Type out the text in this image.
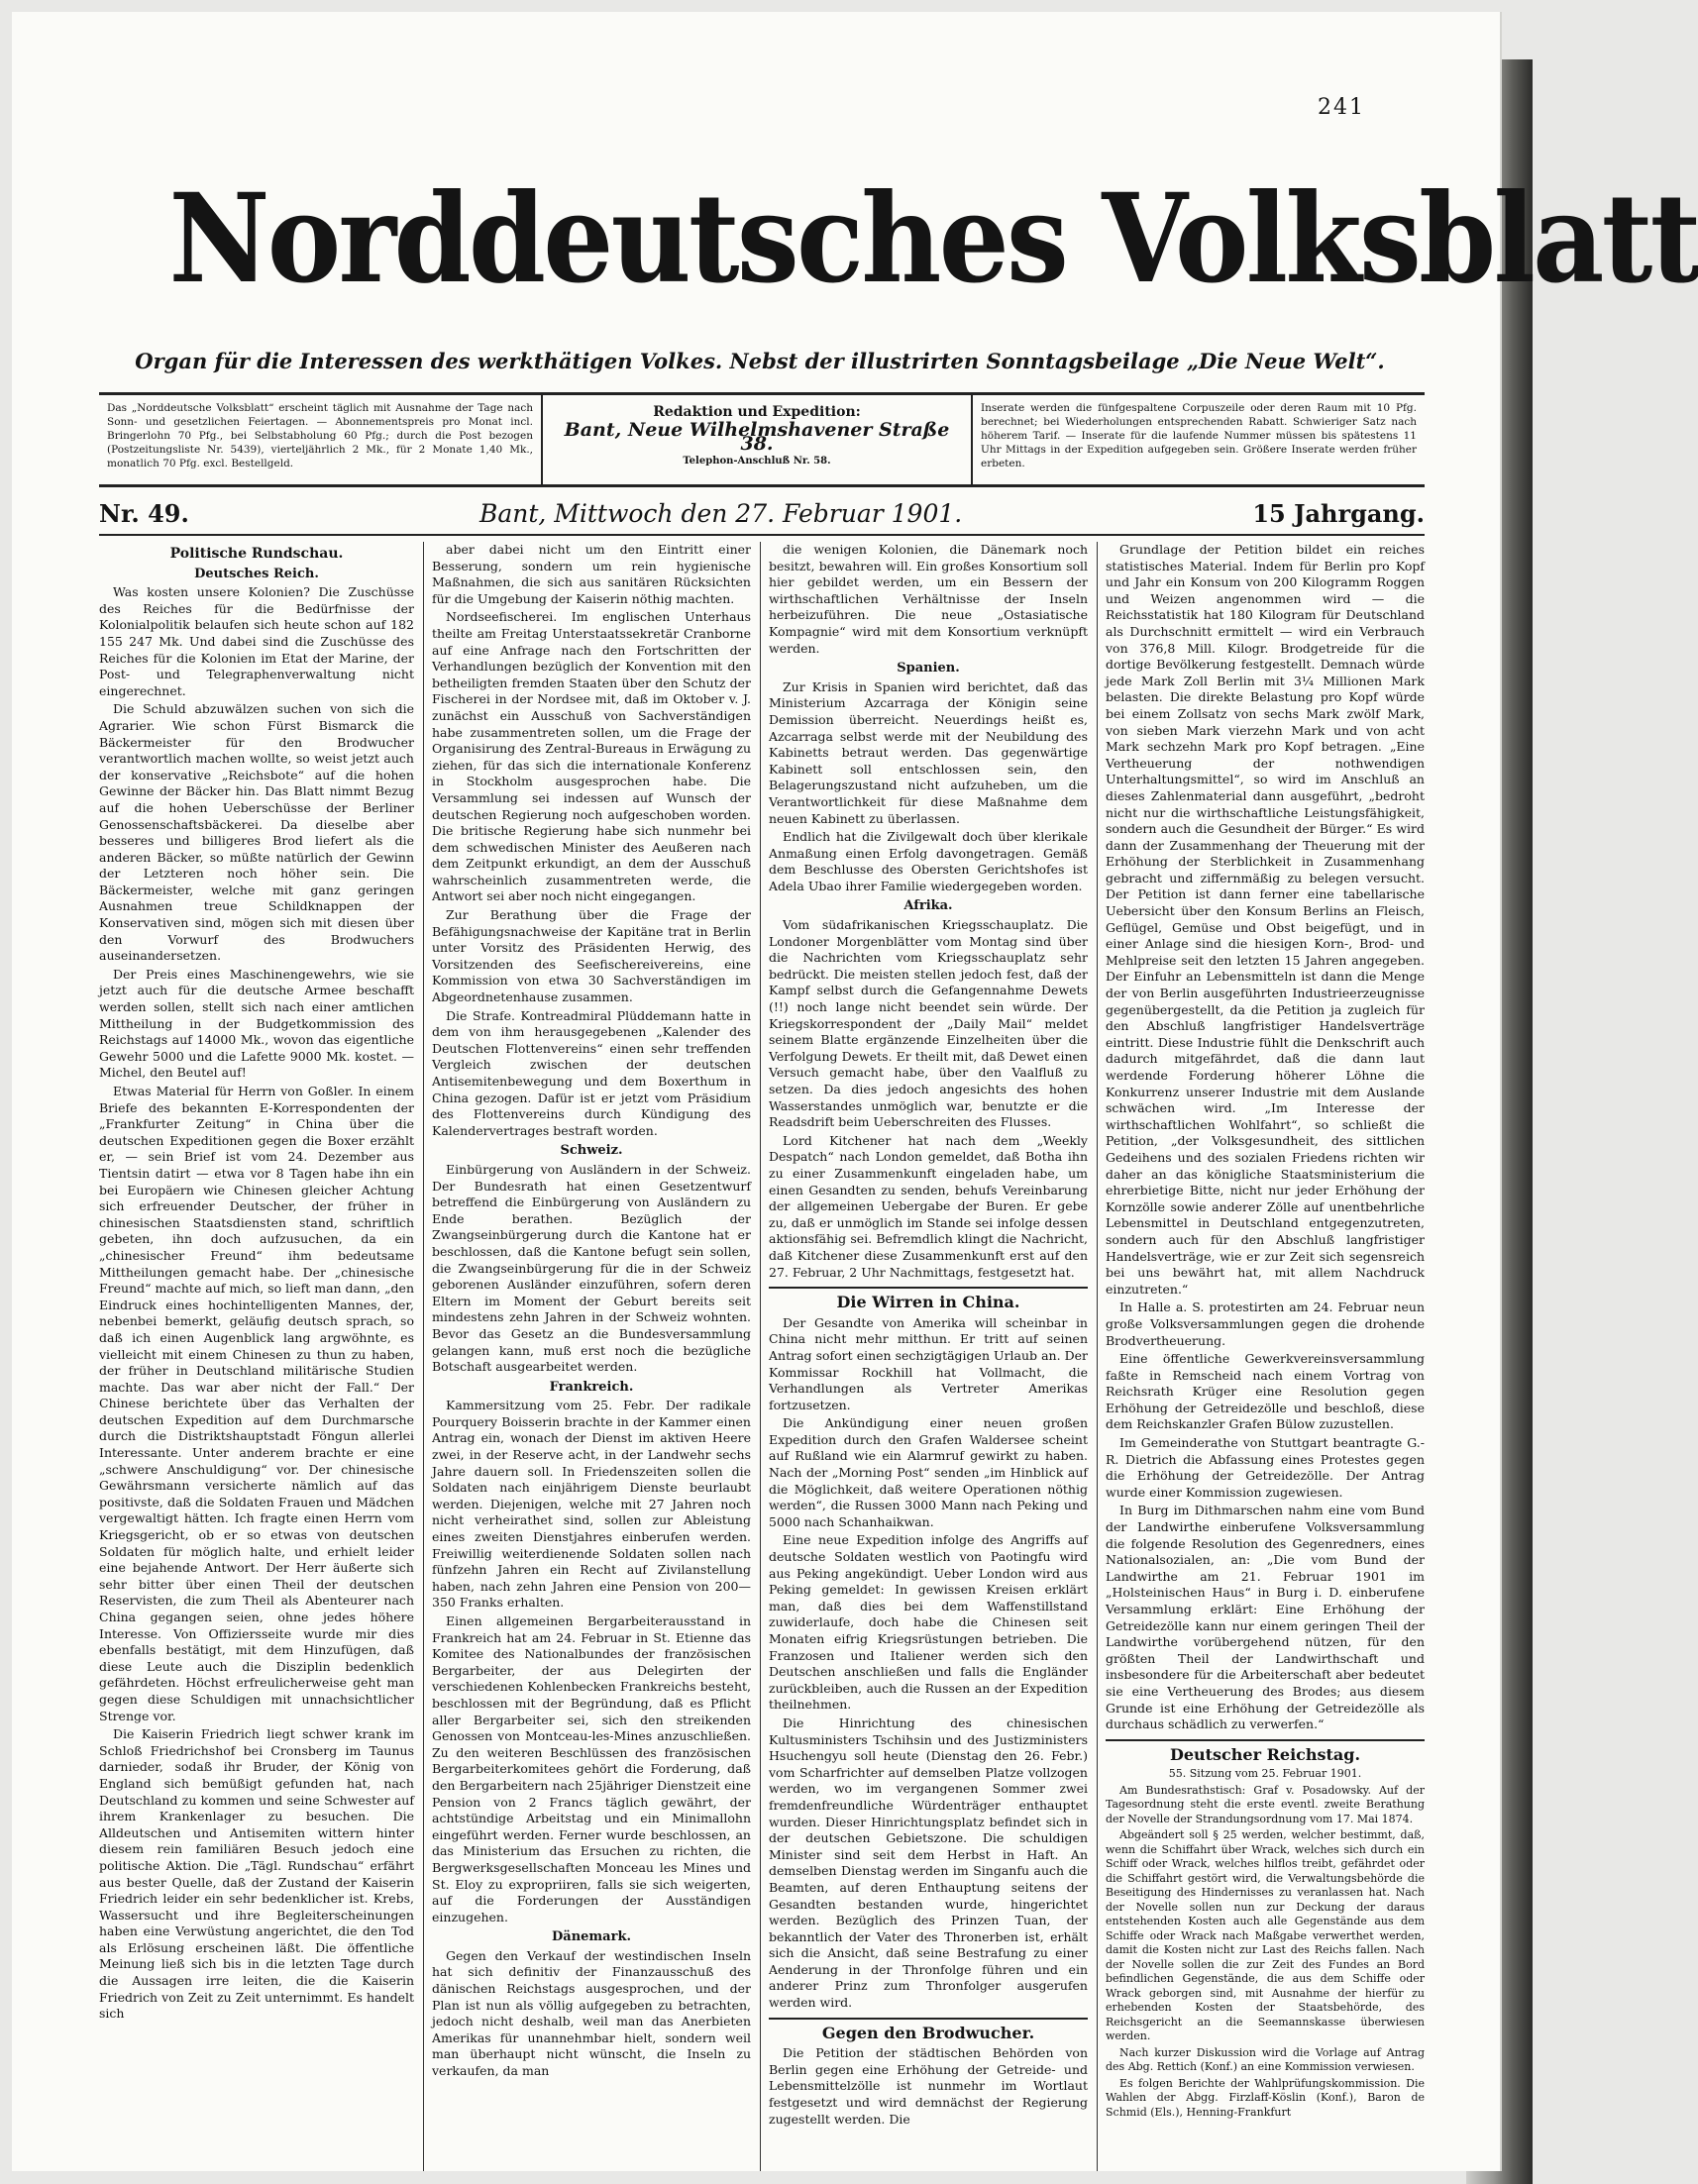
241
Norddeutsches Volksblatt
Organ für die Interessen des werkthätigen Volkes. Nebst der illustrirten Sonntagsbeilage „Die Neue Welt“.
Das „Norddeutsche Volksblatt“ erscheint täglich mit Ausnahme der Tage nach Sonn- und gesetzlichen Feiertagen. — Abonnementspreis pro Monat incl. Bringerlohn 70 Pfg., bei Selbstabholung 60 Pfg.; durch die Post bezogen (Postzeitungsliste Nr. 5439), vierteljährlich 2 Mk., für 2 Monate 1,40 Mk., monatlich 70 Pfg. excl. Bestellgeld.
Redaktion und Expedition:
Bant, Neue Wilhelmshavener Straße 38.
Telephon-Anschluß Nr. 58.
Inserate werden die fünfgespaltene Corpuszeile oder deren Raum mit 10 Pfg. berechnet; bei Wiederholungen entsprechenden Rabatt. Schwieriger Satz nach höherem Tarif. — Inserate für die laufende Nummer müssen bis spätestens 11 Uhr Mittags in der Expedition aufgegeben sein. Größere Inserate werden früher erbeten.
Nr. 49.	Bant, Mittwoch den 27. Februar 1901.	15 Jahrgang.
Politische Rundschau.
Deutsches Reich.

Was kosten unsere Kolonien? Die Zuschüsse des Reiches für die Bedürfnisse der Kolonialpolitik belaufen sich heute schon auf 182 155 247 Mk. Und dabei sind die Zuschüsse des Reiches für die Kolonien im Etat der Marine, der Post- und Telegraphenverwaltung nicht eingerechnet.

Die Schuld abzuwälzen suchen von sich die Agrarier. Wie schon Fürst Bismarck die Bäckermeister für den Brodwucher verantwortlich machen wollte, so weist jetzt auch der konservative „Reichsbote“ auf die hohen Gewinne der Bäcker hin. Das Blatt nimmt Bezug auf die hohen Ueberschüsse der Berliner Genossenschaftsbäckerei. Da dieselbe aber besseres und billigeres Brod liefert als die anderen Bäcker, so müßte natürlich der Gewinn der Letzteren noch höher sein. Die Bäckermeister, welche mit ganz geringen Ausnahmen treue Schildknappen der Konservativen sind, mögen sich mit diesen über den Vorwurf des Brodwuchers auseinandersetzen.

Der Preis eines Maschinengewehrs, wie sie jetzt auch für die deutsche Armee beschafft werden sollen, stellt sich nach einer amtlichen Mittheilung in der Budgetkommission des Reichstags auf 14000 Mk., wovon das eigentliche Gewehr 5000 und die Lafette 9000 Mk. kostet. — Michel, den Beutel auf!

Etwas Material für Herrn von Goßler. In einem Briefe des bekannten E-Korrespondenten der „Frankfurter Zeitung“ in China über die deutschen Expeditionen gegen die Boxer erzählt er, — sein Brief ist vom 24. Dezember aus Tientsin datirt — etwa vor 8 Tagen habe ihn ein bei Europäern wie Chinesen gleicher Achtung sich erfreuender Deutscher, der früher in chinesischen Staatsdiensten stand, schriftlich gebeten, ihn doch aufzusuchen, da ein „chinesischer Freund“ ihm bedeutsame Mittheilungen gemacht habe. Der „chinesische Freund“ machte auf mich, so lieft man dann, „den Eindruck eines hochintelligenten Mannes, der, nebenbei bemerkt, geläufig deutsch sprach, so daß ich einen Augenblick lang argwöhnte, es vielleicht mit einem Chinesen zu thun zu haben, der früher in Deutschland militärische Studien machte. Das war aber nicht der Fall.“ Der Chinese berichtete über das Verhalten der deutschen Expedition auf dem Durchmarsche durch die Distriktshauptstadt Föngun allerlei Interessante. Unter anderem brachte er eine „schwere Anschuldigung“ vor. Der chinesische Gewährsmann versicherte nämlich auf das positivste, daß die Soldaten Frauen und Mädchen vergewaltigt hätten. Ich fragte einen Herrn vom Kriegsgericht, ob er so etwas von deutschen Soldaten für möglich halte, und erhielt leider eine bejahende Antwort. Der Herr äußerte sich sehr bitter über einen Theil der deutschen Reservisten, die zum Theil als Abenteurer nach China gegangen seien, ohne jedes höhere Interesse. Von Offiziersseite wurde mir dies ebenfalls bestätigt, mit dem Hinzufügen, daß diese Leute auch die Disziplin bedenklich gefährdeten. Höchst erfreulicherweise geht man gegen diese Schuldigen mit unnachsichtlicher Strenge vor.

Die Kaiserin Friedrich liegt schwer krank im Schloß Friedrichshof bei Cronsberg im Taunus darnieder, sodaß ihr Bruder, der König von England sich bemüßigt gefunden hat, nach Deutschland zu kommen und seine Schwester auf ihrem Krankenlager zu besuchen. Die Alldeutschen und Antisemiten wittern hinter diesem rein familiären Besuch jedoch eine politische Aktion. Die „Tägl. Rundschau“ erfährt aus bester Quelle, daß der Zustand der Kaiserin Friedrich leider ein sehr bedenklicher ist. Krebs, Wassersucht und ihre Begleiterscheinungen haben eine Verwüstung angerichtet, die den Tod als Erlösung erscheinen läßt. Die öffentliche Meinung ließ sich bis in die letzten Tage durch die Aussagen irre leiten, die die Kaiserin Friedrich von Zeit zu Zeit unternimmt. Es handelt sich

aber dabei nicht um den Eintritt einer Besserung, sondern um rein hygienische Maßnahmen, die sich aus sanitären Rücksichten für die Umgebung der Kaiserin nöthig machten.

Nordseefischerei. Im englischen Unterhaus theilte am Freitag Unterstaatssekretär Cranborne auf eine Anfrage nach den Fortschritten der Verhandlungen bezüglich der Konvention mit den betheiligten fremden Staaten über den Schutz der Fischerei in der Nordsee mit, daß im Oktober v. J. zunächst ein Ausschuß von Sachverständigen habe zusammentreten sollen, um die Frage der Organisirung des Zentral-Bureaus in Erwägung zu ziehen, für das sich die internationale Konferenz in Stockholm ausgesprochen habe. Die Versammlung sei indessen auf Wunsch der deutschen Regierung noch aufgeschoben worden. Die britische Regierung habe sich nunmehr bei dem schwedischen Minister des Aeußeren nach dem Zeitpunkt erkundigt, an dem der Ausschuß wahrscheinlich zusammentreten werde, die Antwort sei aber noch nicht eingegangen.

Zur Berathung über die Frage der Befähigungsnachweise der Kapitäne trat in Berlin unter Vorsitz des Präsidenten Herwig, des Vorsitzenden des Seefischereivereins, eine Kommission von etwa 30 Sachverständigen im Abgeordnetenhause zusammen.

Die Strafe. Kontreadmiral Plüddemann hatte in dem von ihm herausgegebenen „Kalender des Deutschen Flottenvereins“ einen sehr treffenden Vergleich zwischen der deutschen Antisemitenbewegung und dem Boxerthum in China gezogen. Dafür ist er jetzt vom Präsidium des Flottenvereins durch Kündigung des Kalendervertrages bestraft worden.

Schweiz.

Einbürgerung von Ausländern in der Schweiz. Der Bundesrath hat einen Gesetzentwurf betreffend die Einbürgerung von Ausländern zu Ende berathen. Bezüglich der Zwangseinbürgerung durch die Kantone hat er beschlossen, daß die Kantone befugt sein sollen, die Zwangseinbürgerung für die in der Schweiz geborenen Ausländer einzuführen, sofern deren Eltern im Moment der Geburt bereits seit mindestens zehn Jahren in der Schweiz wohnten. Bevor das Gesetz an die Bundesversammlung gelangen kann, muß erst noch die bezügliche Botschaft ausgearbeitet werden.

Frankreich.

Kammersitzung vom 25. Febr. Der radikale Pourquery Boisserin brachte in der Kammer einen Antrag ein, wonach der Dienst im aktiven Heere zwei, in der Reserve acht, in der Landwehr sechs Jahre dauern soll. In Friedenszeiten sollen die Soldaten nach einjährigem Dienste beurlaubt werden. Diejenigen, welche mit 27 Jahren noch nicht verheirathet sind, sollen zur Ableistung eines zweiten Dienstjahres einberufen werden. Freiwillig weiterdienende Soldaten sollen nach fünfzehn Jahren ein Recht auf Zivilanstellung haben, nach zehn Jahren eine Pension von 200—350 Franks erhalten.

Einen allgemeinen Bergarbeiterausstand in Frankreich hat am 24. Februar in St. Etienne das Komitee des Nationalbundes der französischen Bergarbeiter, der aus Delegirten der verschiedenen Kohlenbecken Frankreichs besteht, beschlossen mit der Begründung, daß es Pflicht aller Bergarbeiter sei, sich den streikenden Genossen von Montceau-les-Mines anzuschließen. Zu den weiteren Beschlüssen des französischen Bergarbeiterkomitees gehört die Forderung, daß den Bergarbeitern nach 25jähriger Dienstzeit eine Pension von 2 Francs täglich gewährt, der achtstündige Arbeitstag und ein Minimallohn eingeführt werden. Ferner wurde beschlossen, an das Ministerium das Ersuchen zu richten, die Bergwerksgesellschaften Monceau les Mines und St. Eloy zu expropriiren, falls sie sich weigerten, auf die Forderungen der Ausständigen einzugehen.

Dänemark.

Gegen den Verkauf der westindischen Inseln hat sich definitiv der Finanzausschuß des dänischen Reichstags ausgesprochen, und der Plan ist nun als völlig aufgegeben zu betrachten, jedoch nicht deshalb, weil man das Anerbieten Amerikas für unannehmbar hielt, sondern weil man überhaupt nicht wünscht, die Inseln zu verkaufen, da man

die wenigen Kolonien, die Dänemark noch besitzt, bewahren will. Ein großes Konsortium soll hier gebildet werden, um ein Bessern der wirthschaftlichen Verhältnisse der Inseln herbeizuführen. Die neue „Ostasiatische Kompagnie“ wird mit dem Konsortium verknüpft werden.

Spanien.

Zur Krisis in Spanien wird berichtet, daß das Ministerium Azcarraga der Königin seine Demission überreicht. Neuerdings heißt es, Azcarraga selbst werde mit der Neubildung des Kabinetts betraut werden. Das gegenwärtige Kabinett soll entschlossen sein, den Belagerungszustand nicht aufzuheben, um die Verantwortlichkeit für diese Maßnahme dem neuen Kabinett zu überlassen.

Endlich hat die Zivilgewalt doch über klerikale Anmaßung einen Erfolg davongetragen. Gemäß dem Beschlusse des Obersten Gerichtshofes ist Adela Ubao ihrer Familie wiedergegeben worden.

Afrika.

Vom südafrikanischen Kriegsschauplatz. Die Londoner Morgenblätter vom Montag sind über die Nachrichten vom Kriegsschauplatz sehr bedrückt. Die meisten stellen jedoch fest, daß der Kampf selbst durch die Gefangennahme Dewets (!!) noch lange nicht beendet sein würde. Der Kriegskorrespondent der „Daily Mail“ meldet seinem Blatte ergänzende Einzelheiten über die Verfolgung Dewets. Er theilt mit, daß Dewet einen Versuch gemacht habe, über den Vaalfluß zu setzen. Da dies jedoch angesichts des hohen Wasserstandes unmöglich war, benutzte er die Readsdrift beim Ueberschreiten des Flusses.

Lord Kitchener hat nach dem „Weekly Despatch“ nach London gemeldet, daß Botha ihn zu einer Zusammenkunft eingeladen habe, um einen Gesandten zu senden, behufs Vereinbarung der allgemeinen Uebergabe der Buren. Er gebe zu, daß er unmöglich im Stande sei infolge dessen aktionsfähig sei. Befremdlich klingt die Nachricht, daß Kitchener diese Zusammenkunft erst auf den 27. Februar, 2 Uhr Nachmittags, festgesetzt hat.

Die Wirren in China.

Der Gesandte von Amerika will scheinbar in China nicht mehr mitthun. Er tritt auf seinen Antrag sofort einen sechzigtägigen Urlaub an. Der Kommissar Rockhill hat Vollmacht, die Verhandlungen als Vertreter Amerikas fortzusetzen.

Die Ankündigung einer neuen großen Expedition durch den Grafen Waldersee scheint auf Rußland wie ein Alarmruf gewirkt zu haben. Nach der „Morning Post“ senden „im Hinblick auf die Möglichkeit, daß weitere Operationen nöthig werden“, die Russen 3000 Mann nach Peking und 5000 nach Schanhaikwan.

Eine neue Expedition infolge des Angriffs auf deutsche Soldaten westlich von Paotingfu wird aus Peking angekündigt. Ueber London wird aus Peking gemeldet: In gewissen Kreisen erklärt man, daß dies bei dem Waffenstillstand zuwiderlaufe, doch habe die Chinesen seit Monaten eifrig Kriegsrüstungen betrieben. Die Franzosen und Italiener werden sich den Deutschen anschließen und falls die Engländer zurückbleiben, auch die Russen an der Expedition theilnehmen.

Die Hinrichtung des chinesischen Kultusministers Tschihsin und des Justizministers Hsuchengyu soll heute (Dienstag den 26. Febr.) vom Scharfrichter auf demselben Platze vollzogen werden, wo im vergangenen Sommer zwei fremdenfreundliche Würdenträger enthauptet wurden. Dieser Hinrichtungsplatz befindet sich in der deutschen Gebietszone. Die schuldigen Minister sind seit dem Herbst in Haft. An demselben Dienstag werden im Singanfu auch die Beamten, auf deren Enthauptung seitens der Gesandten bestanden wurde, hingerichtet werden. Bezüglich des Prinzen Tuan, der bekanntlich der Vater des Thronerben ist, erhält sich die Ansicht, daß seine Bestrafung zu einer Aenderung in der Thronfolge führen und ein anderer Prinz zum Thronfolger ausgerufen werden wird.

Gegen den Brodwucher.

Die Petition der städtischen Behörden von Berlin gegen eine Erhöhung der Getreide- und Lebensmittelzölle ist nunmehr im Wortlaut festgesetzt und wird demnächst der Regierung zugestellt werden. Die

Grundlage der Petition bildet ein reiches statistisches Material. Indem für Berlin pro Kopf und Jahr ein Konsum von 200 Kilogramm Roggen und Weizen angenommen wird — die Reichsstatistik hat 180 Kilogram für Deutschland als Durchschnitt ermittelt — wird ein Verbrauch von 376,8 Mill. Kilogr. Brodgetreide für die dortige Bevölkerung festgestellt. Demnach würde jede Mark Zoll Berlin mit 3¼ Millionen Mark belasten. Die direkte Belastung pro Kopf würde bei einem Zollsatz von sechs Mark zwölf Mark, von sieben Mark vierzehn Mark und von acht Mark sechzehn Mark pro Kopf betragen. „Eine Vertheuerung der nothwendigen Unterhaltungsmittel“, so wird im Anschluß an dieses Zahlenmaterial dann ausgeführt, „bedroht nicht nur die wirthschaftliche Leistungsfähigkeit, sondern auch die Gesundheit der Bürger.“ Es wird dann der Zusammenhang der Theuerung mit der Erhöhung der Sterblichkeit in Zusammenhang gebracht und ziffernmäßig zu belegen versucht. Der Petition ist dann ferner eine tabellarische Uebersicht über den Konsum Berlins an Fleisch, Geflügel, Gemüse und Obst beigefügt, und in einer Anlage sind die hiesigen Korn-, Brod- und Mehlpreise seit den letzten 15 Jahren angegeben. Der Einfuhr an Lebensmitteln ist dann die Menge der von Berlin ausgeführten Industrieerzeugnisse gegenübergestellt, da die Petition ja zugleich für den Abschluß langfristiger Handelsverträge eintritt. Diese Industrie fühlt die Denkschrift auch dadurch mitgefährdet, daß die dann laut werdende Forderung höherer Löhne die Konkurrenz unserer Industrie mit dem Auslande schwächen wird. „Im Interesse der wirthschaftlichen Wohlfahrt“, so schließt die Petition, „der Volksgesundheit, des sittlichen Gedeihens und des sozialen Friedens richten wir daher an das königliche Staatsministerium die ehrerbietige Bitte, nicht nur jeder Erhöhung der Kornzölle sowie anderer Zölle auf unentbehrliche Lebensmittel in Deutschland entgegenzutreten, sondern auch für den Abschluß langfristiger Handelsverträge, wie er zur Zeit sich segensreich bei uns bewährt hat, mit allem Nachdruck einzutreten.“

In Halle a. S. protestirten am 24. Februar neun große Volksversammlungen gegen die drohende Brodvertheuerung.

Eine öffentliche Gewerkvereinsversammlung faßte in Remscheid nach einem Vortrag von Reichsrath Krüger eine Resolution gegen Erhöhung der Getreidezölle und beschloß, diese dem Reichskanzler Grafen Bülow zuzustellen.

Im Gemeinderathe von Stuttgart beantragte G.-R. Dietrich die Abfassung eines Protestes gegen die Erhöhung der Getreidezölle. Der Antrag wurde einer Kommission zugewiesen.

In Burg im Dithmarschen nahm eine vom Bund der Landwirthe einberufene Volksversammlung die folgende Resolution des Gegenredners, eines Nationalsozialen, an: „Die vom Bund der Landwirthe am 21. Februar 1901 im „Holsteinischen Haus“ in Burg i. D. einberufene Versammlung erklärt: Eine Erhöhung der Getreidezölle kann nur einem geringen Theil der Landwirthe vorübergehend nützen, für den größten Theil der Landwirthschaft und insbesondere für die Arbeiterschaft aber bedeutet sie eine Vertheuerung des Brodes; aus diesem Grunde ist eine Erhöhung der Getreidezölle als durchaus schädlich zu verwerfen.“

Deutscher Reichstag.

55. Sitzung vom 25. Februar 1901.

Am Bundesrathstisch: Graf v. Posadowsky. Auf der Tagesordnung steht die erste eventl. zweite Berathung der Novelle der Strandungsordnung vom 17. Mai 1874.

Abgeändert soll § 25 werden, welcher bestimmt, daß, wenn die Schiffahrt über Wrack, welches sich durch ein Schiff oder Wrack, welches hilflos treibt, gefährdet oder die Schiffahrt gestört wird, die Verwaltungsbehörde die Beseitigung des Hindernisses zu veranlassen hat. Nach der Novelle sollen nun zur Deckung der daraus entstehenden Kosten auch alle Gegenstände aus dem Schiffe oder Wrack nach Maßgabe verwerthet werden, damit die Kosten nicht zur Last des Reichs fallen. Nach der Novelle sollen die zur Zeit des Fundes an Bord befindlichen Gegenstände, die aus dem Schiffe oder Wrack geborgen sind, mit Ausnahme der hierfür zu erhebenden Kosten der Staatsbehörde, des Reichsgericht an die Seemannskasse überwiesen werden.

Nach kurzer Diskussion wird die Vorlage auf Antrag des Abg. Rettich (Konf.) an eine Kommission verwiesen.

Es folgen Berichte der Wahlprüfungskommission. Die Wahlen der Abgg. Firzlaff-Köslin (Konf.), Baron de Schmid (Els.), Henning-Frankfurt
